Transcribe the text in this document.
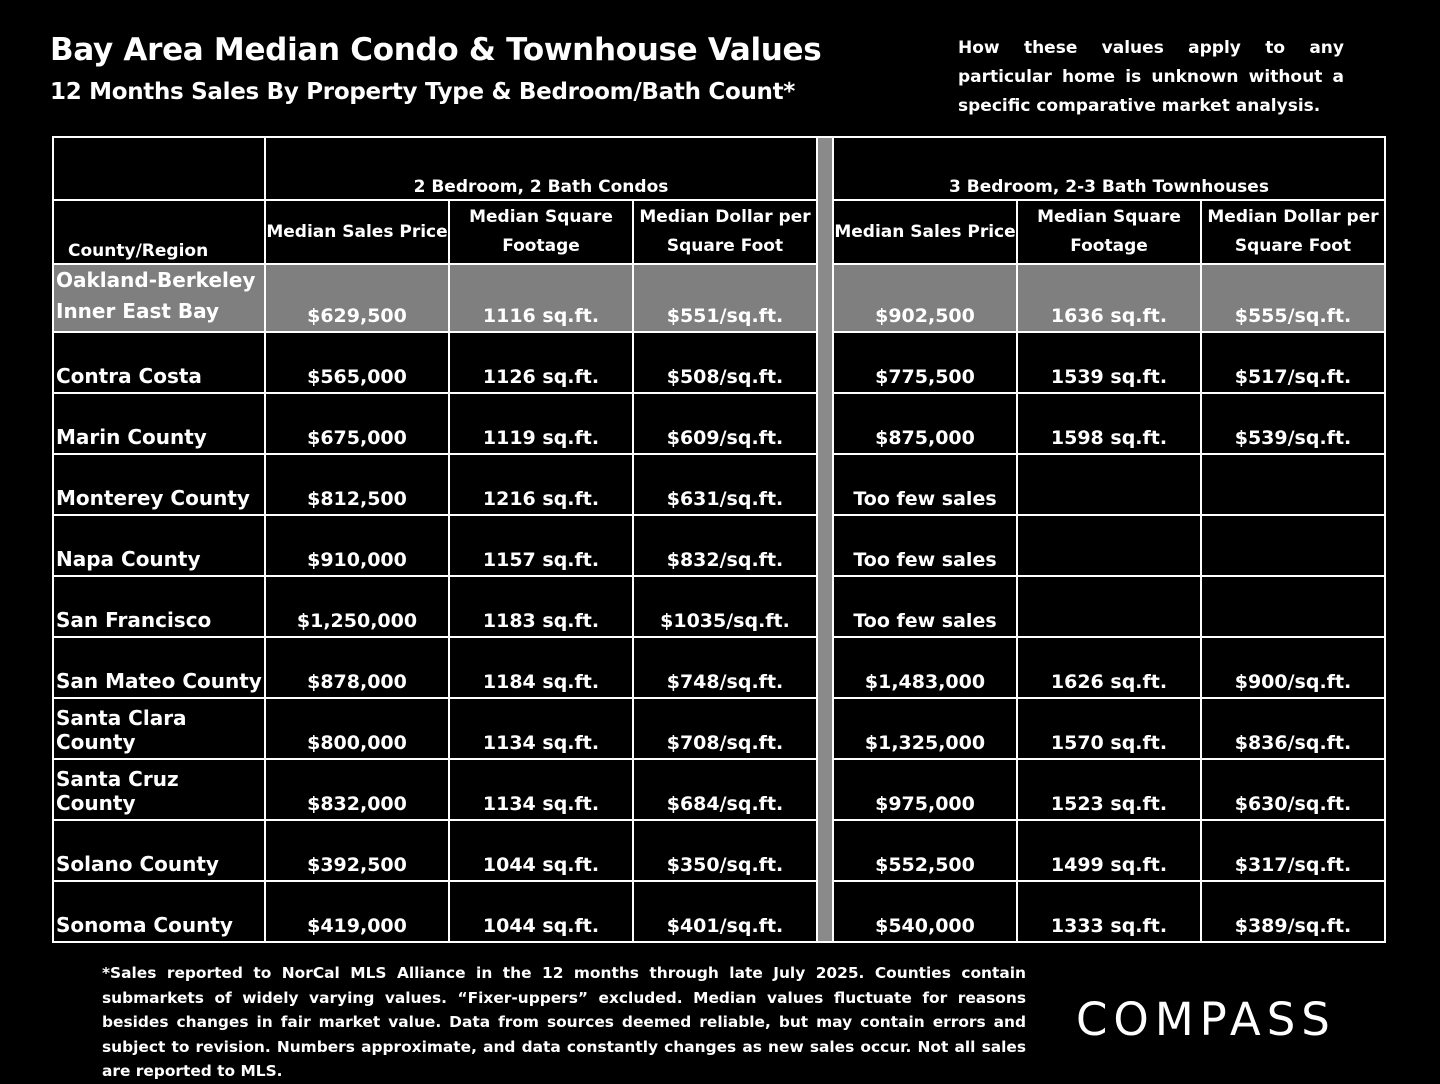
Bay Area Median Condo & Townhouse Values
12 Months Sales By Property Type & Bedroom/Bath Count*

How these values apply to any particular home is unknown without a specific comparative market analysis.

	2 Bedroom, 2 Bath Condos				3 Bedroom, 2-3 Bath Townhouses		
County/Region	Median Sales Price	Median Square Footage	Median Dollar per Square Foot		Median Sales Price	Median Square Footage	Median Dollar per Square Foot
Oakland-Berkeley Inner East Bay	$629,500	1116 sq.ft.	$551/sq.ft.		$902,500	1636 sq.ft.	$555/sq.ft.
Contra Costa	$565,000	1126 sq.ft.	$508/sq.ft.		$775,500	1539 sq.ft.	$517/sq.ft.
Marin County	$675,000	1119 sq.ft.	$609/sq.ft.		$875,000	1598 sq.ft.	$539/sq.ft.
Monterey County	$812,500	1216 sq.ft.	$631/sq.ft.		Too few sales		
Napa County	$910,000	1157 sq.ft.	$832/sq.ft.		Too few sales		
San Francisco	$1,250,000	1183 sq.ft.	$1035/sq.ft.		Too few sales		
San Mateo County	$878,000	1184 sq.ft.	$748/sq.ft.		$1,483,000	1626 sq.ft.	$900/sq.ft.
Santa Clara County	$800,000	1134 sq.ft.	$708/sq.ft.		$1,325,000	1570 sq.ft.	$836/sq.ft.
Santa Cruz County	$832,000	1134 sq.ft.	$684/sq.ft.		$975,000	1523 sq.ft.	$630/sq.ft.
Solano County	$392,500	1044 sq.ft.	$350/sq.ft.		$552,500	1499 sq.ft.	$317/sq.ft.
Sonoma County	$419,000	1044 sq.ft.	$401/sq.ft.		$540,000	1333 sq.ft.	$389/sq.ft.

*Sales reported to NorCal MLS Alliance in the 12 months through late July 2025. Counties contain submarkets of widely varying values. “Fixer-uppers” excluded. Median values fluctuate for reasons besides changes in fair market value. Data from sources deemed reliable, but may contain errors and subject to revision. Numbers approximate, and data constantly changes as new sales occur. Not all sales are reported to MLS.

COMPASS
